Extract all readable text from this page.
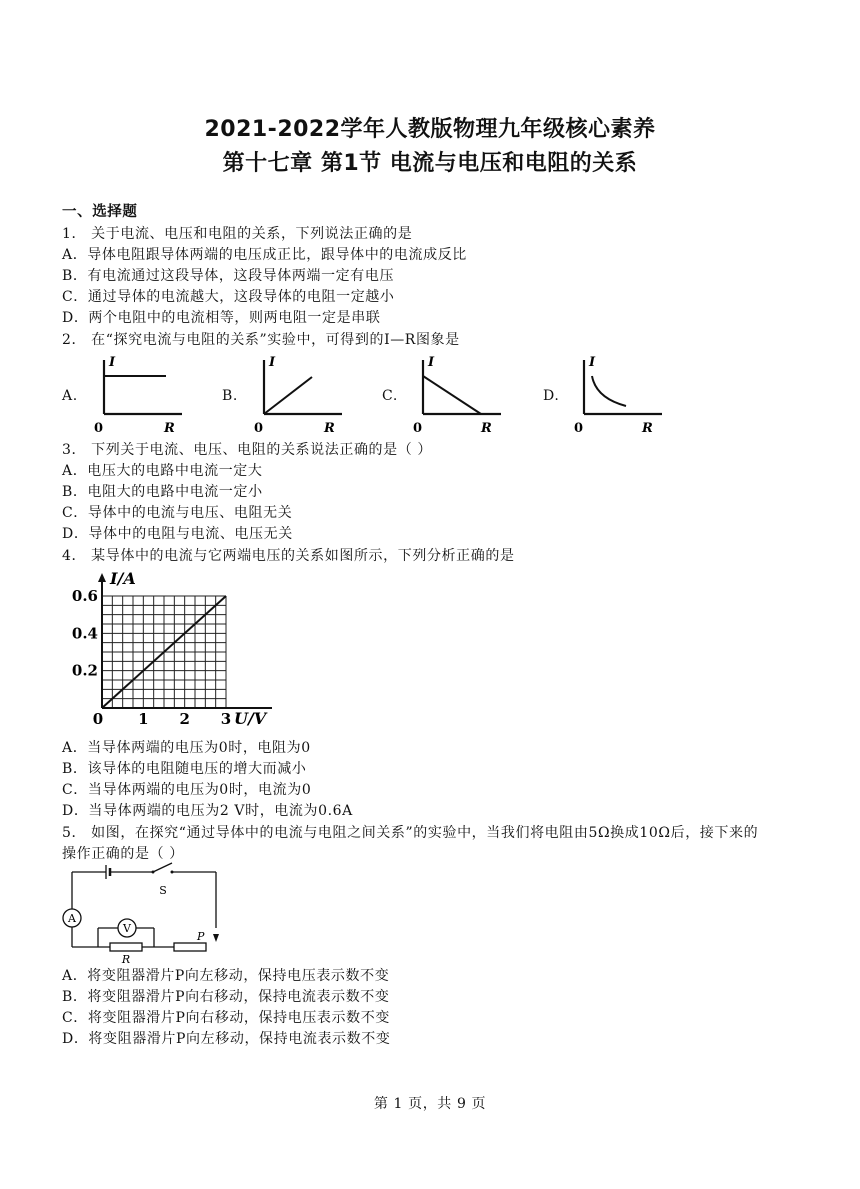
2021-2022学年人教版物理九年级核心素养
第十七章 第1节 电流与电压和电阻的关系
一、选择题
1． 关于电流、电压和电阻的关系，下列说法正确的是
A．导体电阻跟导体两端的电压成正比，跟导体中的电流成反比
B．有电流通过这段导体，这段导体两端一定有电压
C．通过导体的电流越大，这段导体的电阻一定越小
D．两个电阻中的电流相等，则两电阻一定是串联
2． 在“探究电流与电阻的关系”实验中，可得到的I—R图象是
A.	B.	C.	D.
I
0	R
I
0	R
I
0	R
I
0	R
3． 下列关于电流、电压、电阻的关系说法正确的是（ ）
A．电压大的电路中电流一定大
B．电阻大的电路中电流一定小
C．导体中的电流与电压、电阻无关
D．导体中的电阻与电流、电压无关
4． 某导体中的电流与它两端电压的关系如图所示，下列分析正确的是
0 1 2 3
0.2
0.4
0.6
I/A
U/V
A．当导体两端的电压为0时，电阻为0
B．该导体的电阻随电压的增大而减小
C．当导体两端的电压为0时，电流为0
D．当导体两端的电压为2 V时，电流为0.6A
5． 如图，在探究“通过导体中的电流与电阻之间关系”的实验中，当我们将电阻由5Ω换成10Ω后，接下来的
操作正确的是（ ）
A
V
S
R
P
A．将变阻器滑片P向左移动，保持电压表示数不变
B．将变阻器滑片P向右移动，保持电流表示数不变
C．将变阻器滑片P向右移动，保持电压表示数不变
D．将变阻器滑片P向左移动，保持电流表示数不变
第 1 页，共 9 页
